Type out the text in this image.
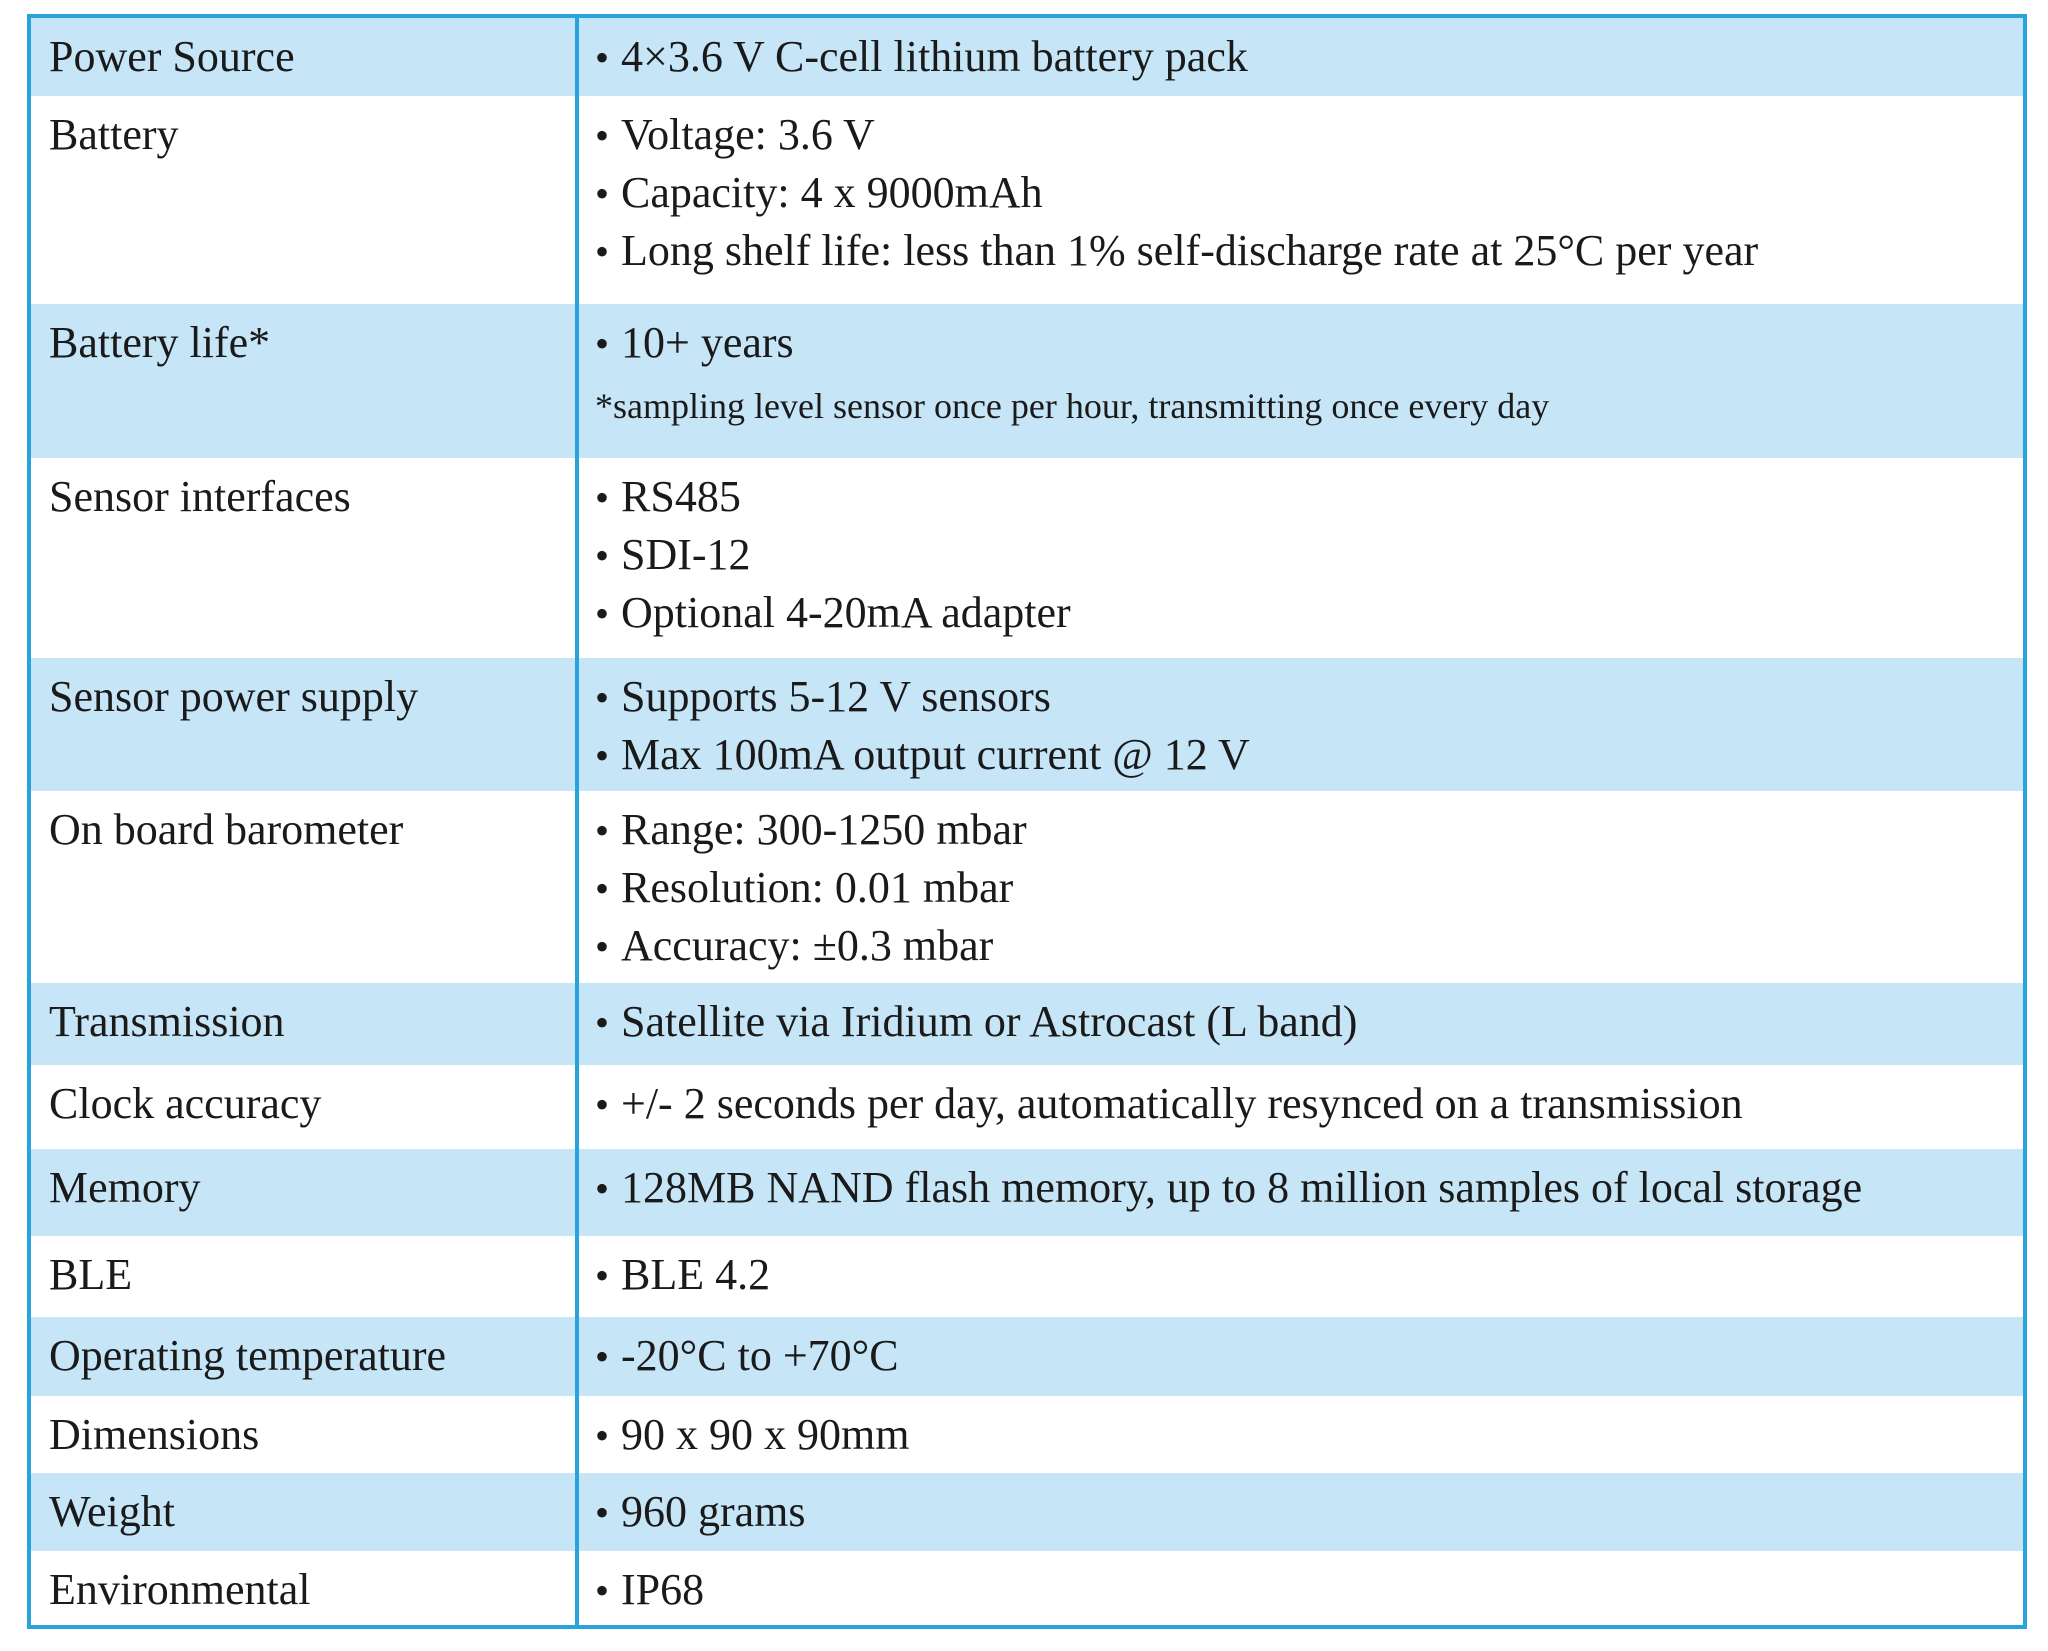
Power Source	• 4×3.6 V C-cell lithium battery pack
Battery	• Voltage: 3.6 V
• Capacity: 4 x 9000mAh
• Long shelf life: less than 1% self-discharge rate at 25°C per year
Battery life*	• 10+ years
*sampling level sensor once per hour, transmitting once every day
Sensor interfaces	• RS485
• SDI-12
• Optional 4-20mA adapter
Sensor power supply	• Supports 5-12 V sensors
• Max 100mA output current @ 12 V
On board barometer	• Range: 300-1250 mbar
• Resolution: 0.01 mbar
• Accuracy: ±0.3 mbar
Transmission	• Satellite via Iridium or Astrocast (L band)
Clock accuracy	• +/- 2 seconds per day, automatically resynced on a transmission
Memory	• 128MB NAND flash memory, up to 8 million samples of local storage
BLE	• BLE 4.2
Operating temperature	• -20°C to +70°C
Dimensions	• 90 x 90 x 90mm
Weight	• 960 grams
Environmental	• IP68
